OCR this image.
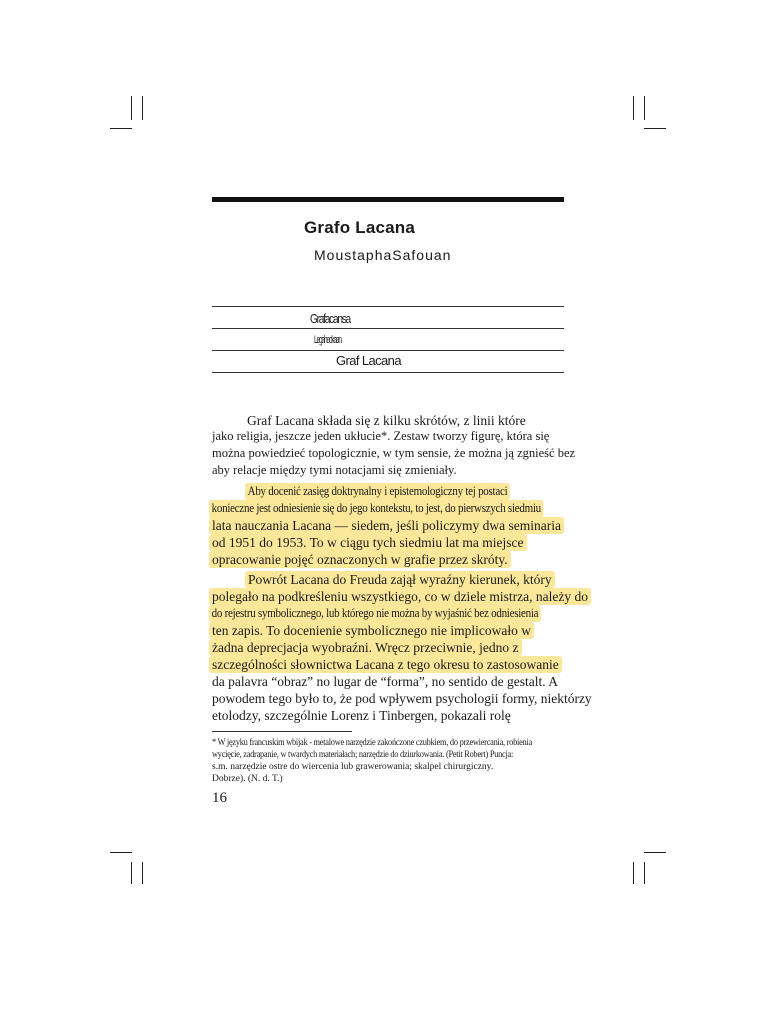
Grafo Lacana
MoustaphaSafouan
Grafacansa
Legaheokaan
Graf Lacana
Graf Lacana składa się z kilku skrótów, z linii które
jako religia, jeszcze jeden ukłucie*. Zestaw tworzy figurę, która się
można powiedzieć topologicznie, w tym sensie, że można ją zgnieść bez
aby relacje między tymi notacjami się zmieniały.
Aby docenić zasięg doktrynalny i epistemologiczny tej postaci
konieczne jest odniesienie się do jego kontekstu, to jest, do pierwszych siedmiu
lata nauczania Lacana — siedem, jeśli policzymy dwa seminaria
od 1951 do 1953. To w ciągu tych siedmiu lat ma miejsce
opracowanie pojęć oznaczonych w grafie przez skróty.
Powrót Lacana do Freuda zajął wyraźny kierunek, który
polegało na podkreśleniu wszystkiego, co w dziele mistrza, należy do
do rejestru symbolicznego, lub którego nie można by wyjaśnić bez odniesienia
ten zapis. To docenienie symbolicznego nie implicowało w
żadna deprecjacja wyobraźni. Wręcz przeciwnie, jedno z
szczególności słownictwa Lacana z tego okresu to zastosowanie
da palavra “obraz” no lugar de “forma”, no sentido de gestalt. A
powodem tego było to, że pod wpływem psychologii formy, niektórzy
etolodzy, szczególnie Lorenz i Tinbergen, pokazali rolę
* W języku francuskim wbijak - metalowe narzędzie zakończone czubkiem, do przewiercania, robienia
wycięcie, zadrapanie, w twardych materiałach; narzędzie do dziurkowania. (Petit Robert) Puncja:
s.m. narzędzie ostre do wiercenia lub grawerowania; skalpel chirurgiczny.
Dobrze). (N. d. T.)
16
